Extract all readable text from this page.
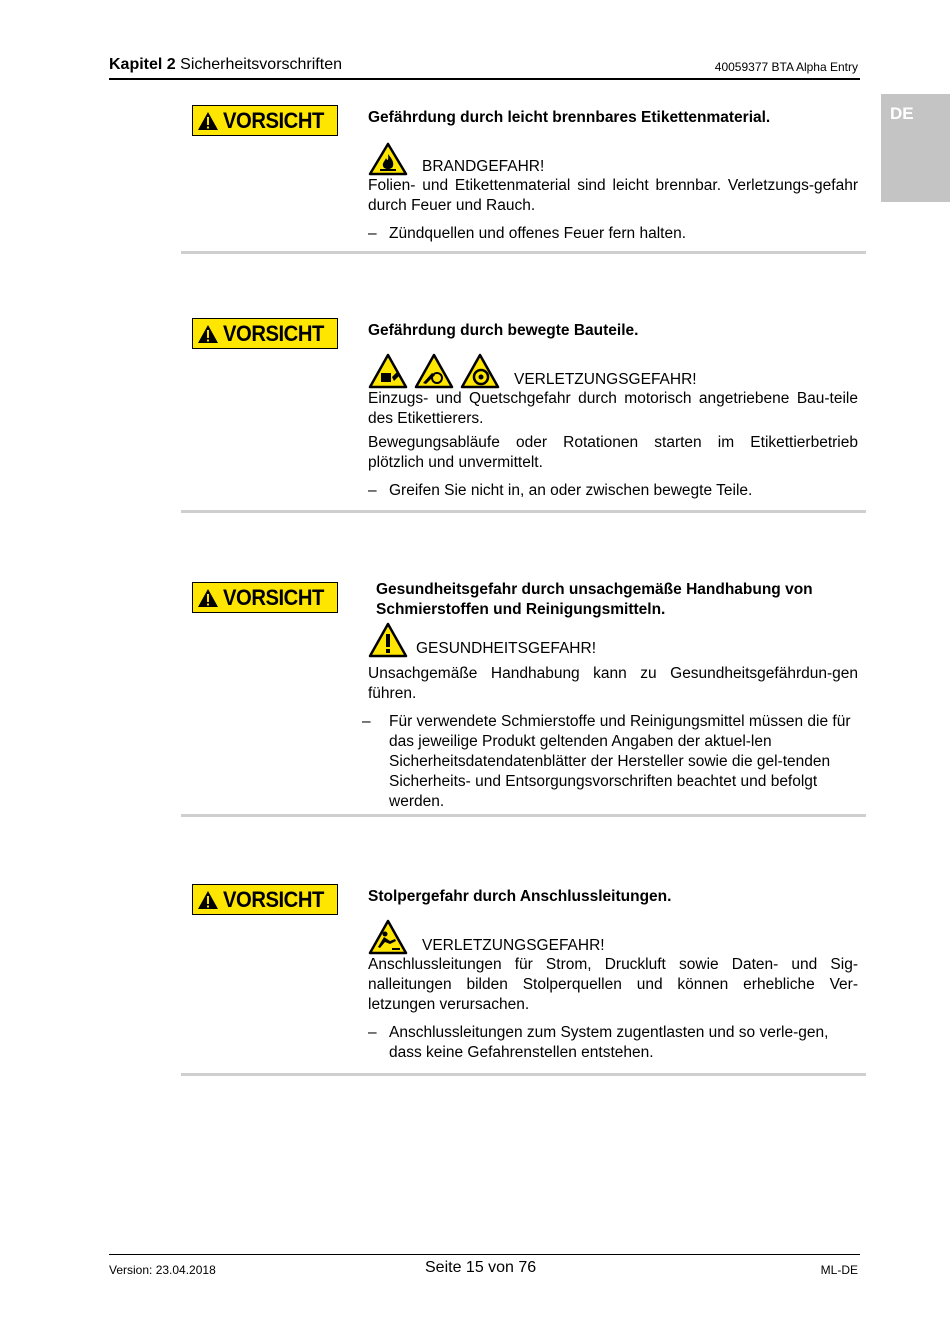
Kapitel 2 Sicherheitsvorschriften	40059377 BTA Alpha Entry
DE
VORSICHT	Gefährdung durch leicht brennbares Etikettenmaterial.
BRANDGEFAHR!

Folien- und Etikettenmaterial sind leicht brennbar. Verletzungs-gefahr durch Feuer und Rauch.

– Zündquellen und offenes Feuer fern halten.
VORSICHT	Gefährdung durch bewegte Bauteile.
VERLETZUNGSGEFAHR!

Einzugs- und Quetschgefahr durch motorisch angetriebene Bau-teile des Etikettierers.

Bewegungsabläufe oder Rotationen starten im Etikettierbetrieb plötzlich und unvermittelt.

– Greifen Sie nicht in, an oder zwischen bewegte Teile.
VORSICHT	Gesundheitsgefahr durch unsachgemäße Handhabung von Schmierstoffen und Reinigungsmitteln.
GESUNDHEITSGEFAHR!

Unsachgemäße Handhabung kann zu Gesundheitsgefährdun-gen führen.

–	Für verwendete Schmierstoffe und Reinigungsmittel müssen die für das jeweilige Produkt geltenden Angaben der aktuel-len Sicherheitsdatendatenblätter der Hersteller sowie die gel-tenden Sicherheits- und Entsorgungsvorschriften beachtet und befolgt werden.
VORSICHT	Stolpergefahr durch Anschlussleitungen.
VERLETZUNGSGEFAHR!

Anschlussleitungen für Strom, Druckluft sowie Daten- und Sig-nalleitungen bilden Stolperquellen und können erhebliche Ver-letzungen verursachen.

– Anschlussleitungen zum System zugentlasten und so verle-gen, dass keine Gefahrenstellen entstehen.
Version: 23.04.2018	Seite 15 von 76	ML-DE
